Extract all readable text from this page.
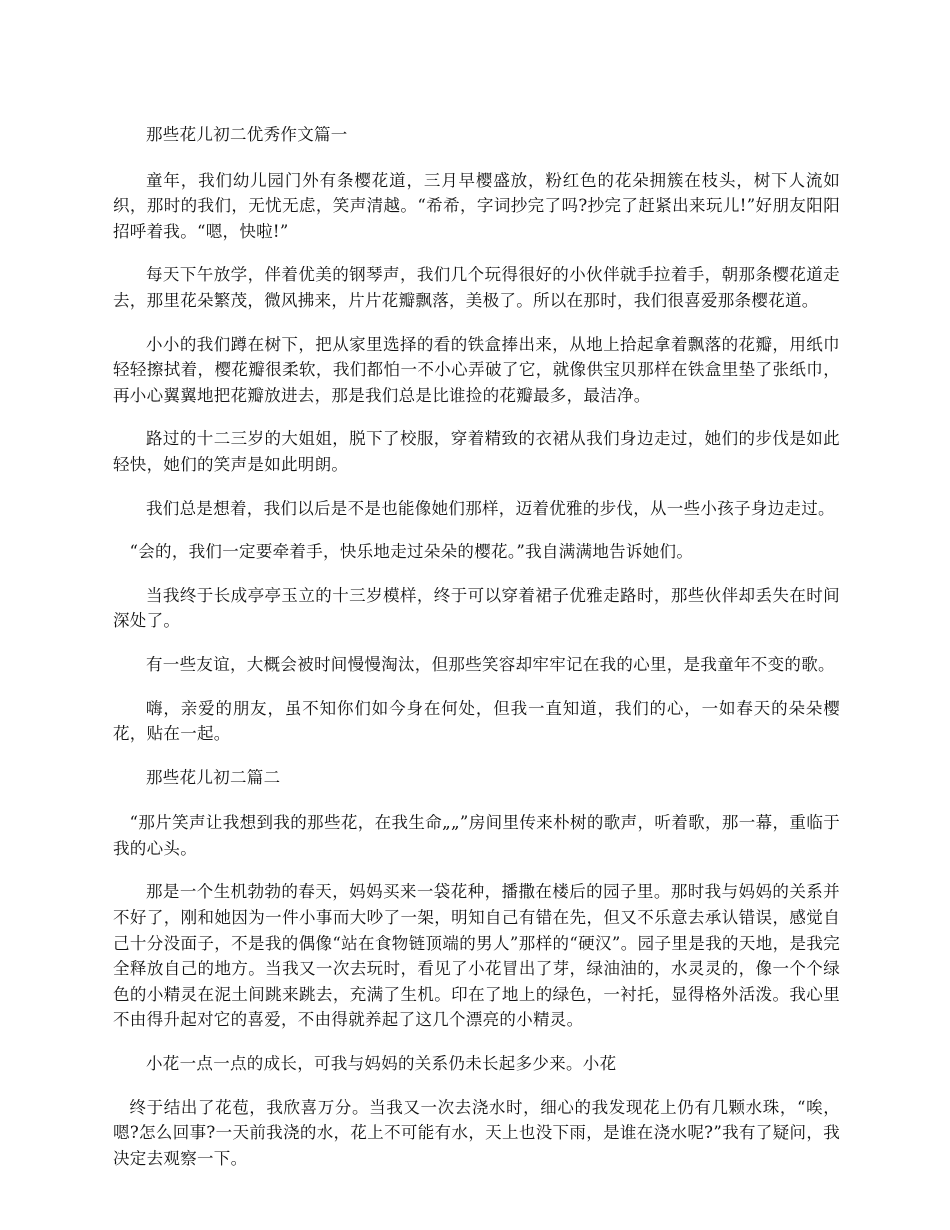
那些花儿初二优秀作文篇一

童年，我们幼儿园门外有条樱花道，三月早樱盛放，粉红色的花朵拥簇在枝头，树下人流如织，那时的我们，无忧无虑，笑声清越。“希希，字词抄完了吗?抄完了赶紧出来玩儿!”好朋友阳阳招呼着我。“嗯，快啦!”

每天下午放学，伴着优美的钢琴声，我们几个玩得很好的小伙伴就手拉着手，朝那条樱花道走去，那里花朵繁茂，微风拂来，片片花瓣飘落，美极了。所以在那时，我们很喜爱那条樱花道。

小小的我们蹲在树下，把从家里选择的看的铁盒捧出来，从地上拾起拿着飘落的花瓣，用纸巾轻轻擦拭着，樱花瓣很柔软，我们都怕一不小心弄破了它，就像供宝贝那样在铁盒里垫了张纸巾，再小心翼翼地把花瓣放进去，那是我们总是比谁捡的花瓣最多，最洁净。

路过的十二三岁的大姐姐，脱下了校服，穿着精致的衣裙从我们身边走过，她们的步伐是如此轻快，她们的笑声是如此明朗。

我们总是想着，我们以后是不是也能像她们那样，迈着优雅的步伐，从一些小孩子身边走过。

“会的，我们一定要牵着手，快乐地走过朵朵的樱花。”我自满满地告诉她们。

当我终于长成亭亭玉立的十三岁模样，终于可以穿着裙子优雅走路时，那些伙伴却丢失在时间深处了。

有一些友谊，大概会被时间慢慢淘汰，但那些笑容却牢牢记在我的心里，是我童年不变的歌。

嗨，亲爱的朋友，虽不知你们如今身在何处，但我一直知道，我们的心，一如春天的朵朵樱花，贴在一起。

那些花儿初二篇二

“那片笑声让我想到我的那些花，在我生命„„”房间里传来朴树的歌声，听着歌，那一幕，重临于我的心头。

那是一个生机勃勃的春天，妈妈买来一袋花种，播撒在楼后的园子里。那时我与妈妈的关系并不好了，刚和她因为一件小事而大吵了一架，明知自己有错在先，但又不乐意去承认错误，感觉自己十分没面子，不是我的偶像“站在食物链顶端的男人”那样的“硬汉”。园子里是我的天地，是我完全释放自己的地方。当我又一次去玩时，看见了小花冒出了芽，绿油油的，水灵灵的，像一个个绿色的小精灵在泥土间跳来跳去，充满了生机。印在了地上的绿色，一衬托，显得格外活泼。我心里不由得升起对它的喜爱，不由得就养起了这几个漂亮的小精灵。

小花一点一点的成长，可我与妈妈的关系仍未长起多少来。小花

终于结出了花苞，我欣喜万分。当我又一次去浇水时，细心的我发现花上仍有几颗水珠，“唉，嗯?怎么回事?一天前我浇的水，花上不可能有水，天上也没下雨，是谁在浇水呢?”我有了疑问，我决定去观察一下。
